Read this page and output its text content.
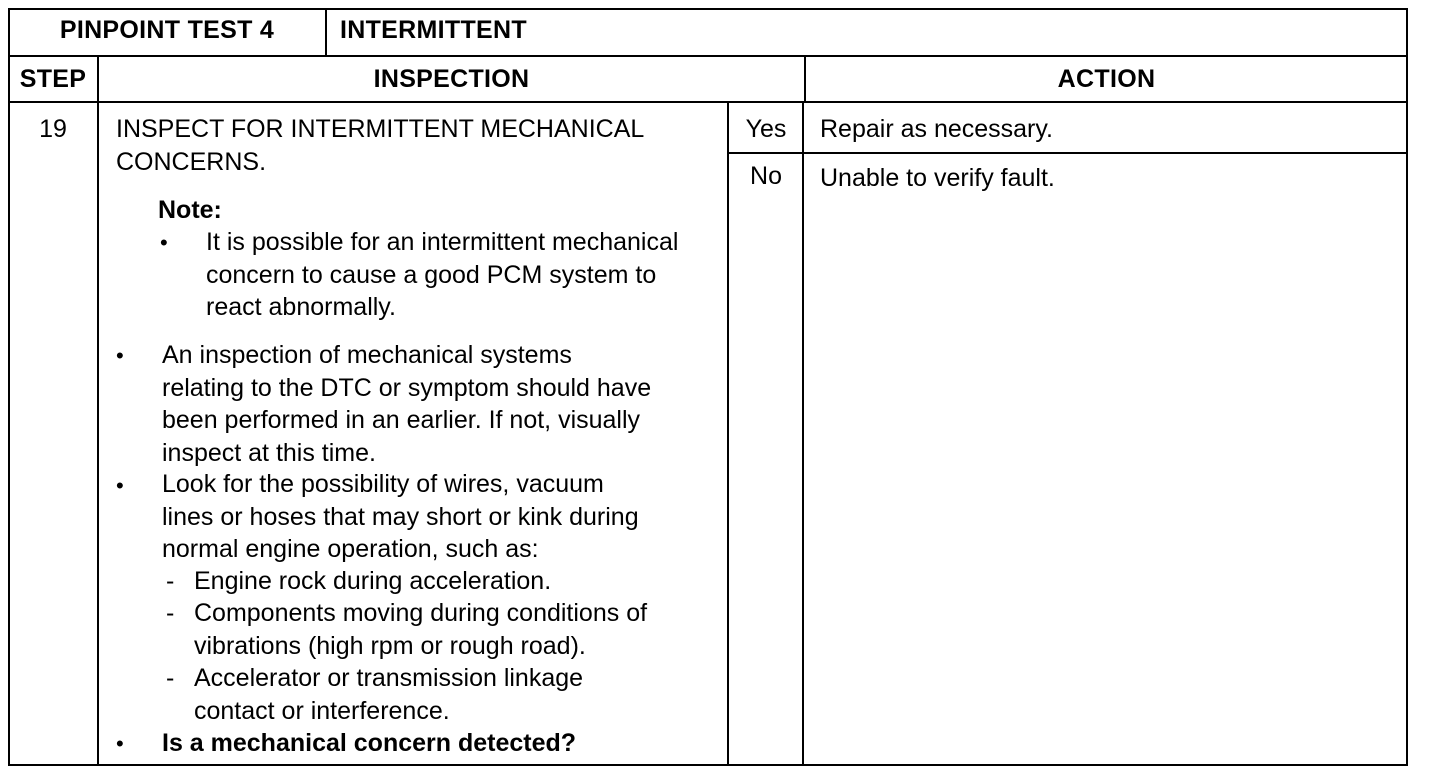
PINPOINT TEST 4	INTERMITTENT
STEP	INSPECTION	ACTION
19	INSPECT FOR INTERMITTENT MECHANICAL
CONCERNS.
Note:
• It is possible for an intermittent mechanical
concern to cause a good PCM system to
react abnormally.
• An inspection of mechanical systems
relating to the DTC or symptom should have
been performed in an earlier. If not, visually
inspect at this time.
• Look for the possibility of wires, vacuum
lines or hoses that may short or kink during
normal engine operation, such as:
- Engine rock during acceleration.
- Components moving during conditions of
vibrations (high rpm or rough road).
- Accelerator or transmission linkage
contact or interference.
• Is a mechanical concern detected?
Yes	Repair as necessary.
No	Unable to verify fault.
